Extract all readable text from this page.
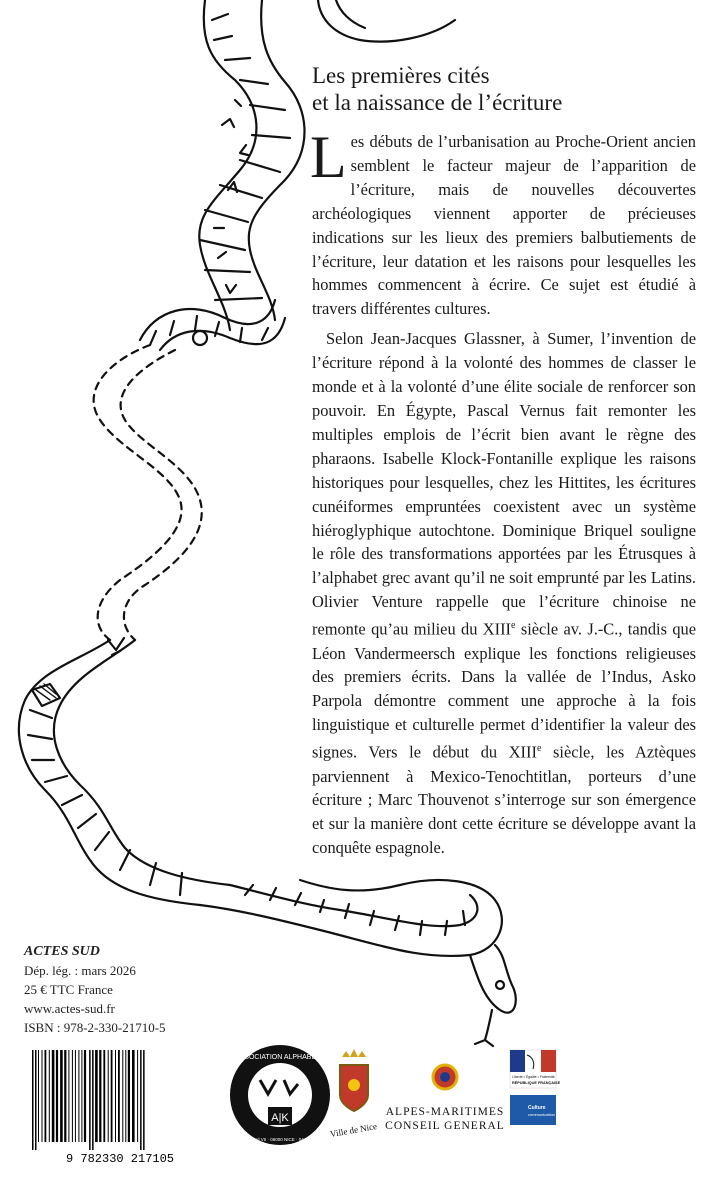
Les premières cités
et la naissance de l’écriture

Les débuts de l’urbanisation au Proche-Orient ancien semblent le facteur majeur de l’apparition de l’écriture, mais de nouvelles découvertes archéologiques viennent apporter de précieuses indications sur les lieux des premiers balbutiements de l’écriture, leur datation et les raisons pour lesquelles les hommes commencent à écrire. Ce sujet est étudié à travers différentes cultures.

Selon Jean-Jacques Glassner, à Sumer, l’invention de l’écriture répond à la volonté des hommes de classer le monde et à la volonté d’une élite sociale de renforcer son pouvoir. En Égypte, Pascal Vernus fait remonter les multiples emplois de l’écrit bien avant le règne des pharaons. Isabelle Klock-Fontanille explique les raisons historiques pour lesquelles, chez les Hittites, les écritures cunéiformes empruntées coexistent avec un système hiéroglyphique autochtone. Dominique Briquel souligne le rôle des transformations apportées par les Étrusques à l’alphabet grec avant qu’il ne soit emprunté par les Latins. Olivier Venture rappelle que l’écriture chinoise ne remonte qu’au milieu du XIIIe siècle av. J.-C., tandis que Léon Vandermeersch explique les fonctions religieuses des premiers écrits. Dans la vallée de l’Indus, Asko Parpola démontre comment une approche à la fois linguistique et culturelle permet d’identifier la valeur des signes. Vers le début du XIIIe siècle, les Aztèques parviennent à Mexico-Tenochtitlan, porteurs d’une écriture ; Marc Thouvenot s’interroge sur son émergence et sur la manière dont cette écriture se développe avant la conquête espagnole.

ACTES SUD
Dép. lég. : mars 2026
25 € TTC France
www.actes-sud.fr
ISBN : 978-2-330-21710-5
9 782330 217105
A|K
ASSOCIATION ALPHABETS
5, bd Edouard VII · 06000 NICE · 04 93 35 53 13
Ville de Nice
ALPES-MARITIMES
CONSEIL GENERAL
Liberté • Égalité • Fraternité
RÉPUBLIQUE FRANÇAISE
Culture
communication
